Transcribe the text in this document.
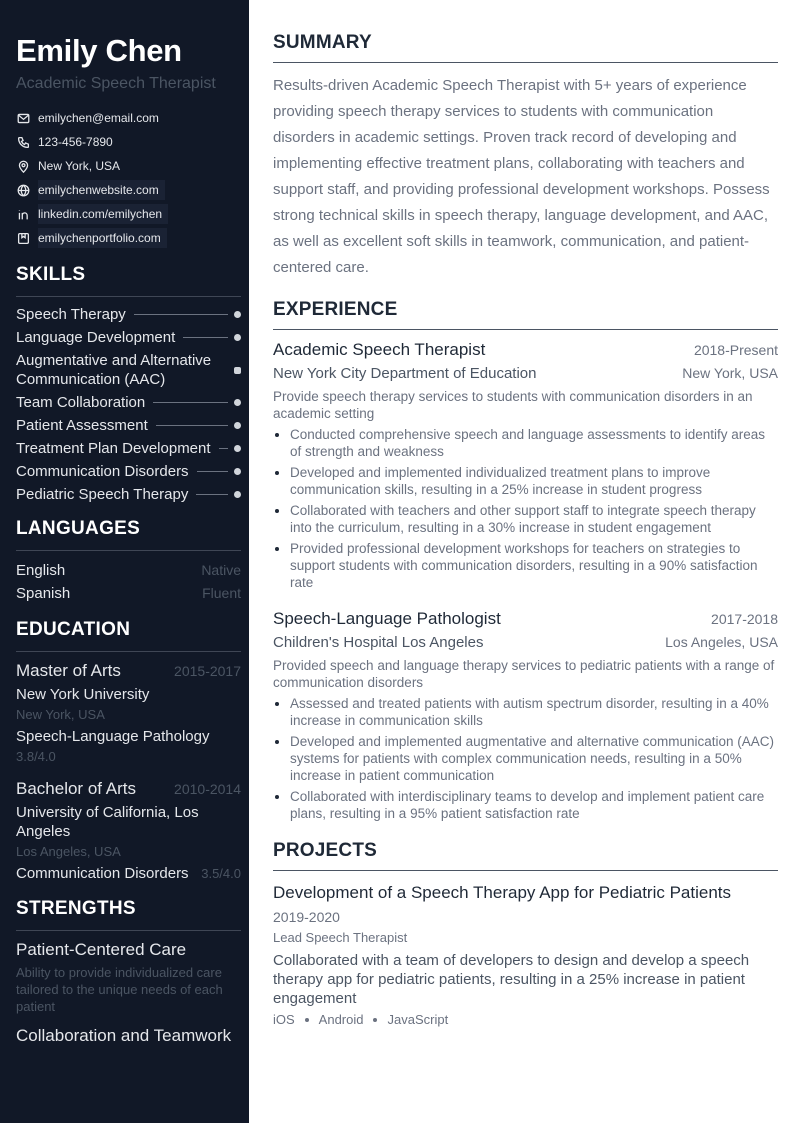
Emily Chen
Academic Speech Therapist
emilychen@email.com
123-456-7890
New York, USA
emilychenwebsite.com
linkedin.com/emilychen
emilychenportfolio.com
SKILLS
Speech Therapy
Language Development
Augmentative and Alternative Communication (AAC)
Team Collaboration
Patient Assessment
Treatment Plan Development
Communication Disorders
Pediatric Speech Therapy
LANGUAGES
English	Native
Spanish	Fluent
EDUCATION
Master of Arts	2015-2017
New York University
New York, USA
Speech-Language Pathology
3.8/4.0
Bachelor of Arts	2010-2014
University of California, Los Angeles
Los Angeles, USA
Communication Disorders 3.5/4.0
STRENGTHS
Patient-Centered Care
Ability to provide individualized care tailored to the unique needs of each patient
Collaboration and Teamwork
SUMMARY

Results-driven Academic Speech Therapist with 5+ years of experience providing speech therapy services to students with communication disorders in academic settings. Proven track record of developing and implementing effective treatment plans, collaborating with teachers and support staff, and providing professional development workshops. Possess strong technical skills in speech therapy, language development, and AAC, as well as excellent soft skills in teamwork, communication, and patient-centered care.

EXPERIENCE
Academic Speech Therapist	2018-Present
New York City Department of Education	New York, USA
Provide speech therapy services to students with communication disorders in an academic setting
Conducted comprehensive speech and language assessments to identify areas of strength and weakness
Developed and implemented individualized treatment plans to improve communication skills, resulting in a 25% increase in student progress
Collaborated with teachers and other support staff to integrate speech therapy into the curriculum, resulting in a 30% increase in student engagement
Provided professional development workshops for teachers on strategies to support students with communication disorders, resulting in a 90% satisfaction rate
Speech-Language Pathologist	2017-2018
Children's Hospital Los Angeles	Los Angeles, USA
Provided speech and language therapy services to pediatric patients with a range of communication disorders
Assessed and treated patients with autism spectrum disorder, resulting in a 40% increase in communication skills
Developed and implemented augmentative and alternative communication (AAC) systems for patients with complex communication needs, resulting in a 50% increase in patient communication
Collaborated with interdisciplinary teams to develop and implement patient care plans, resulting in a 95% patient satisfaction rate
PROJECTS
Development of a Speech Therapy App for Pediatric Patients
2019-2020
Lead Speech Therapist
Collaborated with a team of developers to design and develop a speech therapy app for pediatric patients, resulting in a 25% increase in patient engagement
iOS Android JavaScript
